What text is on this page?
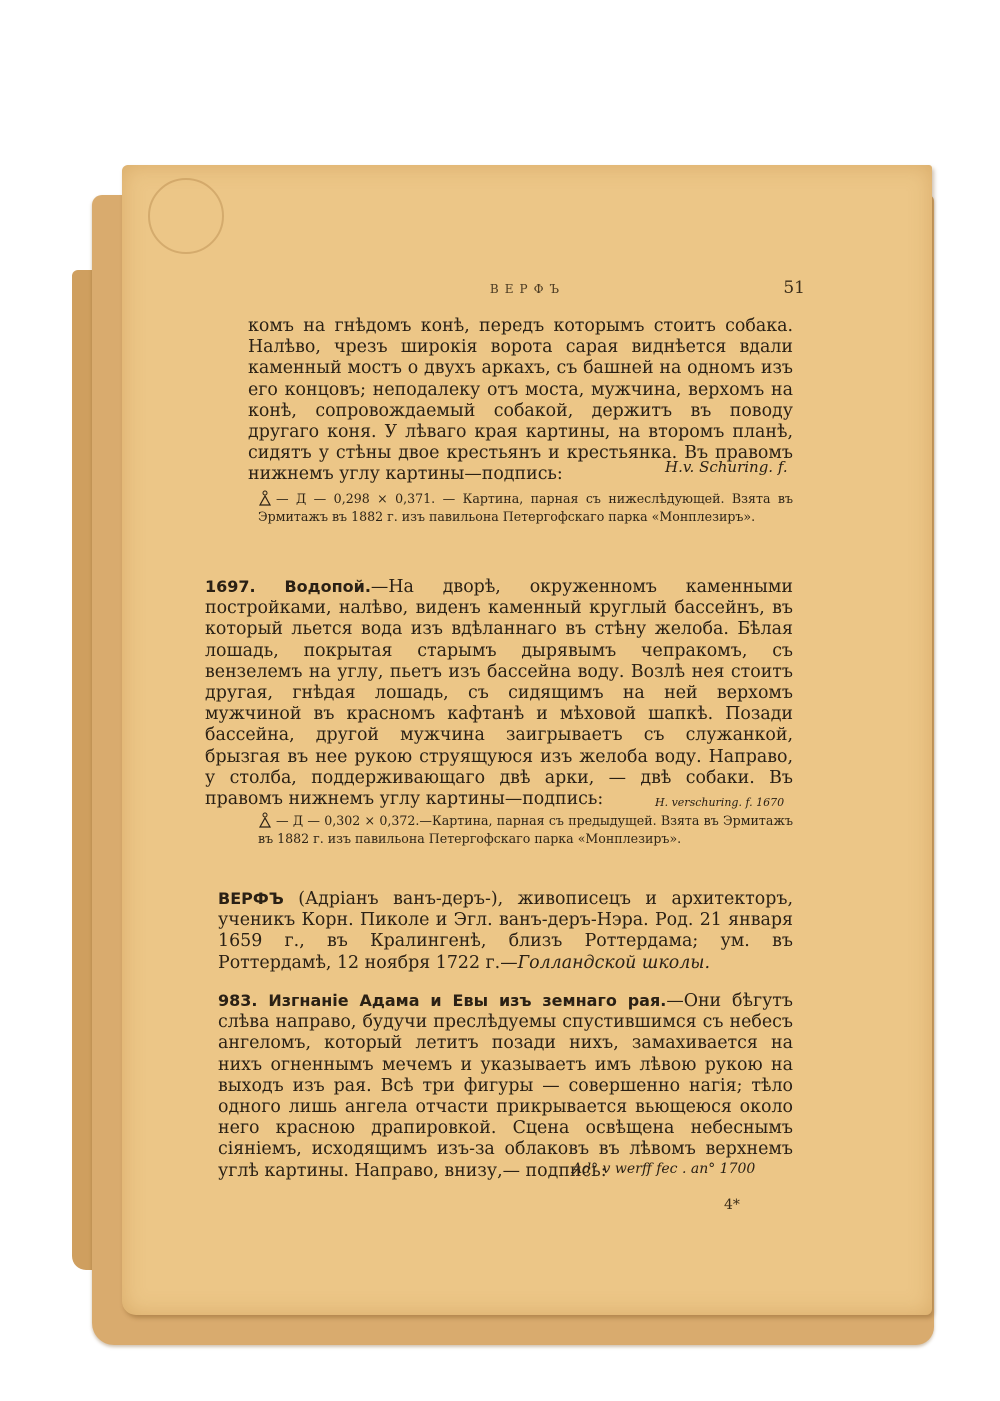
ВЕРФЪ	51

комъ на гнѣдомъ конѣ, передъ которымъ стоитъ собака. Налѣво, чрезъ широкія ворота сарая виднѣется вдали каменный мостъ о двухъ аркахъ, съ башней на одномъ изъ его концовъ; неподалеку отъ моста, мужчина, верхомъ на конѣ, сопровождаемый собакой, держитъ въ поводу другаго коня. У лѣваго края картины, на второмъ планѣ, сидятъ у стѣны двое крестьянъ и крестьянка. Въ правомъ нижнемъ углу картины—подпись:	H.v. Schuring. f.

— Д — 0,298 × 0,371. — Картина, парная съ нижеслѣдующей. Взята въ Эрмитажъ въ 1882 г. изъ павильона Петергофскаго парка «Монплезиръ».

1697. Водопой.—На дворѣ, окруженномъ каменными постройками, налѣво, виденъ каменный круглый бассейнъ, въ который льется вода изъ вдѣланнаго въ стѣну желоба. Бѣлая лошадь, покрытая старымъ дырявымъ чепракомъ, съ вензелемъ на углу, пьетъ изъ бассейна воду. Возлѣ нея стоитъ другая, гнѣдая лошадь, съ сидящимъ на ней верхомъ мужчиной въ красномъ кафтанѣ и мѣховой шапкѣ. Позади бассейна, другой мужчина заигрываетъ съ служанкой, брызгая въ нее рукою струящуюся изъ желоба воду. Направо, у столба, поддерживающаго двѣ арки, — двѣ собаки. Въ правомъ нижнемъ углу картины—подпись:	H. verschuring. f. 1670

— Д — 0,302 × 0,372.—Картина, парная съ предыдущей. Взята въ Эрмитажъ въ 1882 г. изъ павильона Петергофскаго парка «Монплезиръ».

ВЕРФЪ (Адріанъ ванъ-деръ-), живописецъ и архитекторъ, ученикъ Корн. Пиколе и Эгл. ванъ-деръ-Нэра. Род. 21 января 1659 г., въ Кралингенѣ, близъ Роттердама; ум. въ Роттердамѣ, 12 ноября 1722 г.—Голландской школы.

983. Изгнаніе Адама и Евы изъ земнаго рая.—Они бѣгутъ слѣва направо, будучи преслѣдуемы спустившимся съ небесъ ангеломъ, который летитъ позади нихъ, замахивается на нихъ огненнымъ мечемъ и указываетъ имъ лѣвою рукою на выходъ изъ рая. Всѣ три фигуры — совершенно нагія; тѣло одного лишь ангела отчасти прикрывается вьющеюся около него красною драпировкой. Сцена освѣщена небеснымъ сіяніемъ, исходящимъ изъ-за облаковъ въ лѣвомъ верхнемъ углѣ картины. Направо, внизу,— подпись:

Ad° v werff fec . an° 1700
4*
